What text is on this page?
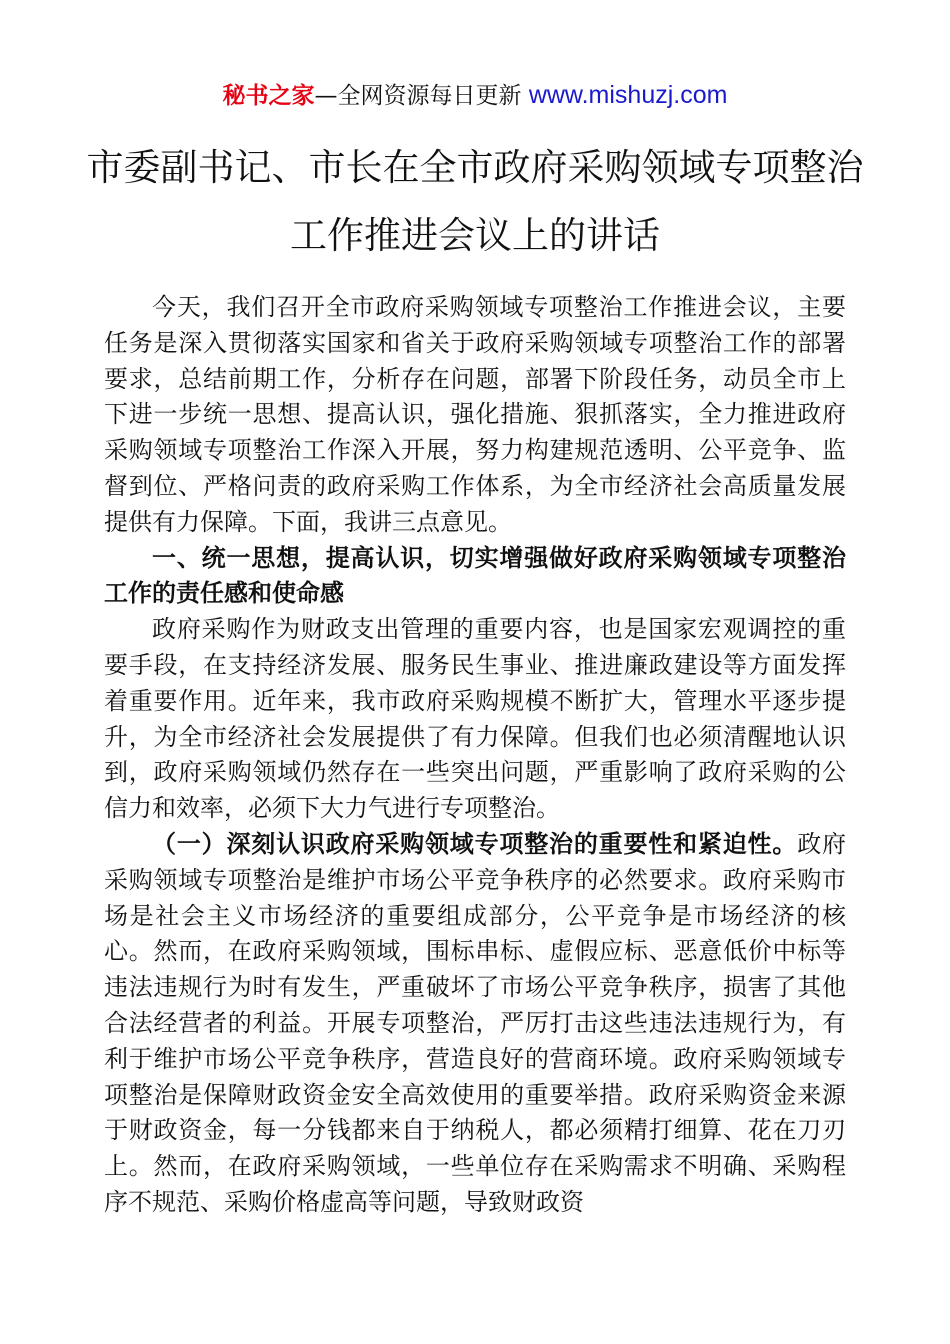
秘书之家—全网资源每日更新 www.mishuzj.com
市委副书记、市长在全市政府采购领域专项整治
工作推进会议上的讲话

今天，我们召开全市政府采购领域专项整治工作推进会议，主要任务是深入贯彻落实国家和省关于政府采购领域专项整治工作的部署要求，总结前期工作，分析存在问题，部署下阶段任务，动员全市上下进一步统一思想、提高认识，强化措施、狠抓落实，全力推进政府采购领域专项整治工作深入开展，努力构建规范透明、公平竞争、监督到位、严格问责的政府采购工作体系，为全市经济社会高质量发展提供有力保障。下面，我讲三点意见。

一、统一思想，提高认识，切实增强做好政府采购领域专项整治工作的责任感和使命感

政府采购作为财政支出管理的重要内容，也是国家宏观调控的重要手段，在支持经济发展、服务民生事业、推进廉政建设等方面发挥着重要作用。近年来，我市政府采购规模不断扩大，管理水平逐步提升，为全市经济社会发展提供了有力保障。但我们也必须清醒地认识到，政府采购领域仍然存在一些突出问题，严重影响了政府采购的公信力和效率，必须下大力气进行专项整治。

（一）深刻认识政府采购领域专项整治的重要性和紧迫性。政府采购领域专项整治是维护市场公平竞争秩序的必然要求。政府采购市场是社会主义市场经济的重要组成部分，公平竞争是市场经济的核心。然而，在政府采购领域，围标串标、虚假应标、恶意低价中标等违法违规行为时有发生，严重破坏了市场公平竞争秩序，损害了其他合法经营者的利益。开展专项整治，严厉打击这些违法违规行为，有利于维护市场公平竞争秩序，营造良好的营商环境。政府采购领域专项整治是保障财政资金安全高效使用的重要举措。政府采购资金来源于财政资金，每一分钱都来自于纳税人，都必须精打细算、花在刀刃上。然而，在政府采购领域，一些单位存在采购需求不明确、采购程序不规范、采购价格虚高等问题，导致财政资
